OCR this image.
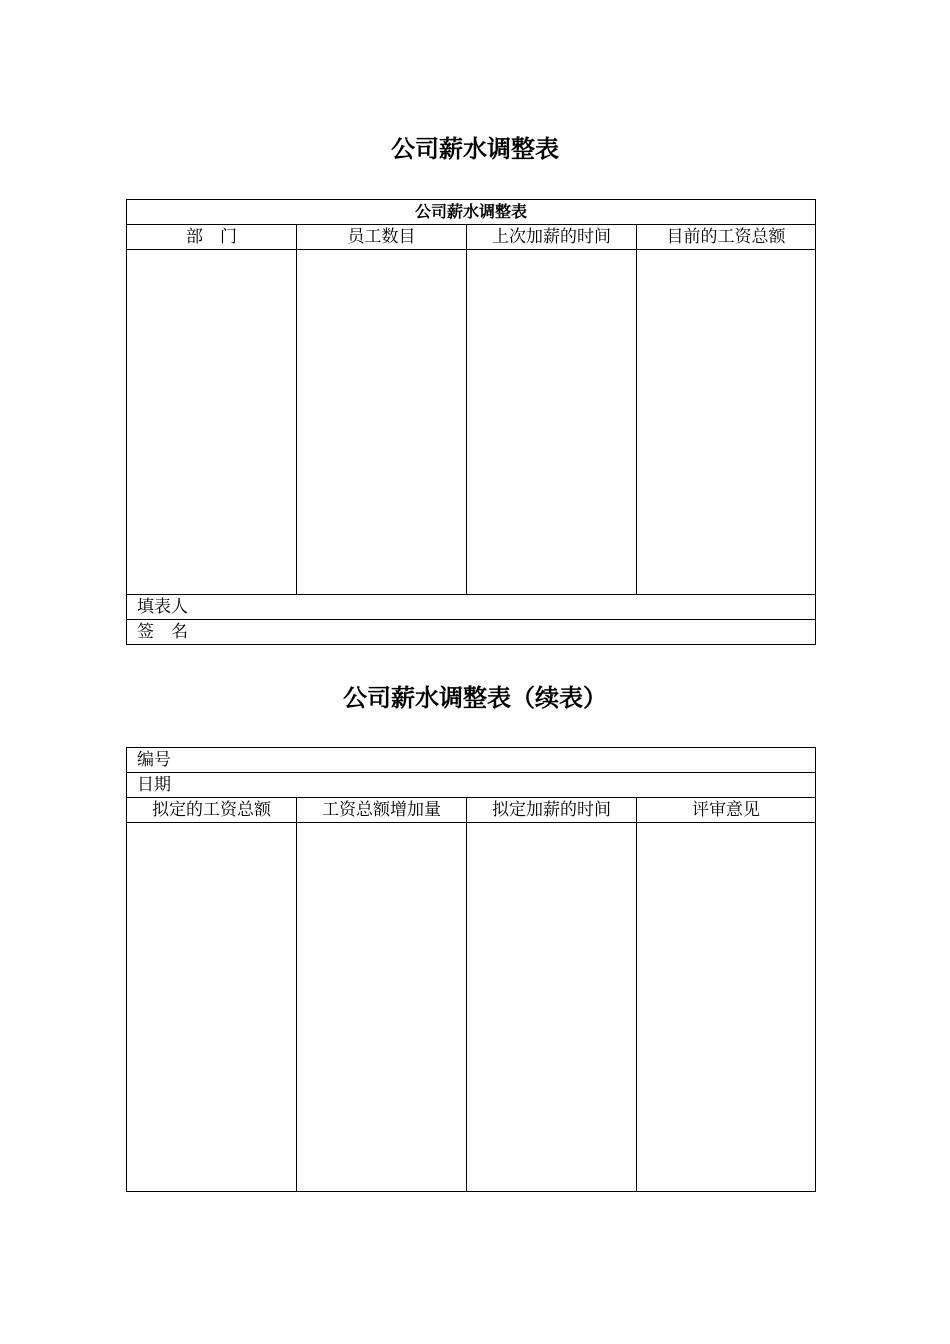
公司薪水调整表
公司薪水调整表			
部　门	员工数目	上次加薪的时间	目前的工资总额

填表人			
签　名			
公司薪水调整表（续表）
编号			
日期			
拟定的工资总额	工资总额增加量	拟定加薪的时间	评审意见
